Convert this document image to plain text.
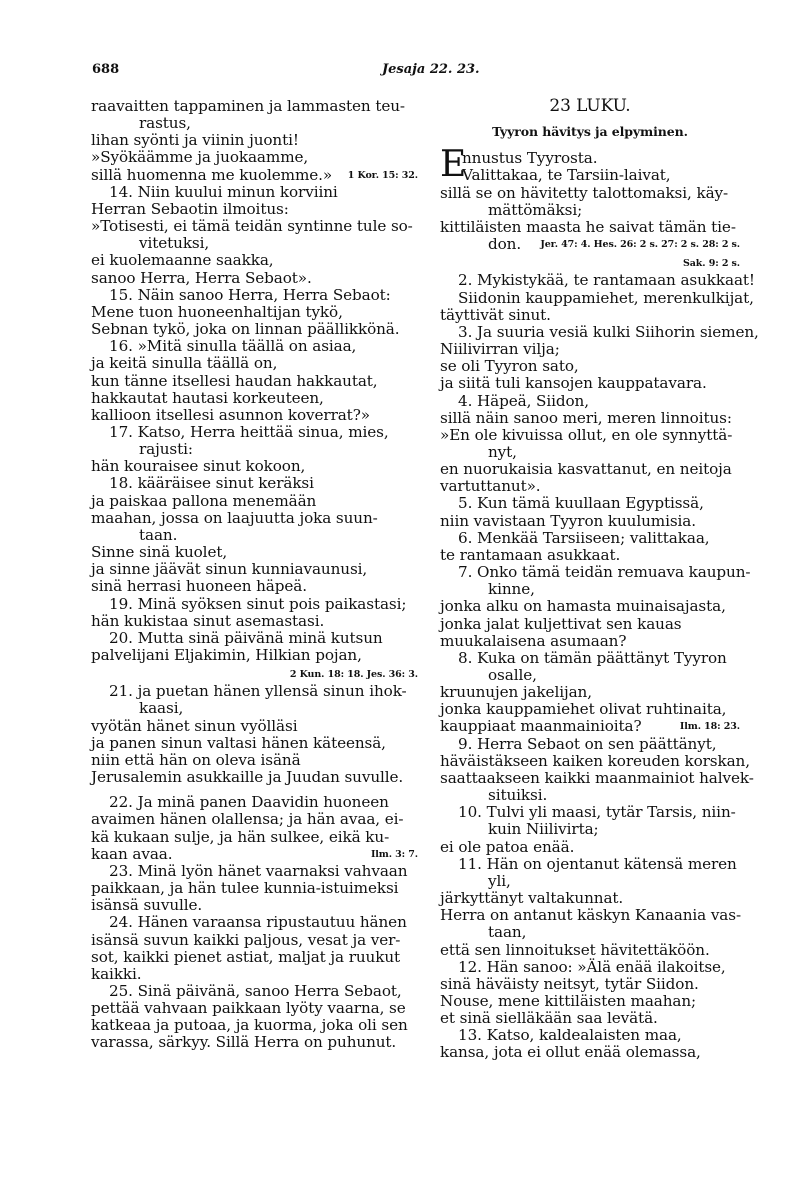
688	Jesaja 22. 23.
raavaitten tappaminen ja lammasten teu-
rastus,
lihan syönti ja viinin juonti!
»Syökäämme ja juokaamme,
sillä huomenna me kuolemme.» 1 Kor. 15: 32.
14. Niin kuului minun korviini
Herran Sebaotin ilmoitus:
»Totisesti, ei tämä teidän syntinne tule so-
vitetuksi,
ei kuolemaanne saakka,
sanoo Herra, Herra Sebaot».
15. Näin sanoo Herra, Herra Sebaot:
Mene tuon huoneenhaltijan tykö,
Sebnan tykö, joka on linnan päällikkönä.
16. »Mitä sinulla täällä on asiaa,
ja keitä sinulla täällä on,
kun tänne itsellesi haudan hakkautat,
hakkautat hautasi korkeuteen,
kallioon itsellesi asunnon koverrat?»
17. Katso, Herra heittää sinua, mies,
rajusti:
hän kouraisee sinut kokoon,
18. kääräisee sinut keräksi
ja paiskaa pallona menemään
maahan, jossa on laajuutta joka suun-
taan.
Sinne sinä kuolet,
ja sinne jäävät sinun kunniavaunusi,
sinä herrasi huoneen häpeä.
19. Minä syöksen sinut pois paikastasi;
hän kukistaa sinut asemastasi.
20. Mutta sinä päivänä minä kutsun
palvelijani Eljakimin, Hilkian pojan,
2 Kun. 18: 18. Jes. 36: 3.
21. ja puetan hänen yllensä sinun ihok-
kaasi,
vyötän hänet sinun vyölläsi
ja panen sinun valtasi hänen käteensä,
niin että hän on oleva isänä
Jerusalemin asukkaille ja Juudan suvulle.
22. Ja minä panen Daavidin huoneen
avaimen hänen olallensa; ja hän avaa, ei-
kä kukaan sulje, ja hän sulkee, eikä ku-
kaan avaa.	Ilm. 3: 7.
23. Minä lyön hänet vaarnaksi vahvaan
paikkaan, ja hän tulee kunnia-istuimeksi
isänsä suvulle.
24. Hänen varaansa ripustautuu hänen
isänsä suvun kaikki paljous, vesat ja ver-
sot, kaikki pienet astiat, maljat ja ruukut
kaikki.
25. Sinä päivänä, sanoo Herra Sebaot,
pettää vahvaan paikkaan lyöty vaarna, se
katkeaa ja putoaa, ja kuorma, joka oli sen
varassa, särkyy. Sillä Herra on puhunut.
23 LUKU.
Tyyron hävitys ja elpyminen.
E
nnustus Tyyrosta.
Valittakaa, te Tarsiin-laivat,
sillä se on hävitetty talottomaksi, käy-
mättömäksi;
kittiläisten maasta he saivat tämän tie-
don. Jer. 47: 4. Hes. 26: 2 s. 27: 2 s. 28: 2 s.
Sak. 9: 2 s.
2. Mykistykää, te rantamaan asukkaat!
Siidonin kauppamiehet, merenkulkijat,
täyttivät sinut.
3. Ja suuria vesiä kulki Siihorin siemen,
Niilivirran vilja;
se oli Tyyron sato,
ja siitä tuli kansojen kauppatavara.
4. Häpeä, Siidon,
sillä näin sanoo meri, meren linnoitus:
»En ole kivuissa ollut, en ole synnyttä-
nyt,
en nuorukaisia kasvattanut, en neitoja
vartuttanut».
5. Kun tämä kuullaan Egyptissä,
niin vavistaan Tyyron kuulumisia.
6. Menkää Tarsiiseen; valittakaa,
te rantamaan asukkaat.
7. Onko tämä teidän remuava kaupun-
kinne,
jonka alku on hamasta muinaisajasta,
jonka jalat kuljettivat sen kauas
muukalaisena asumaan?
8. Kuka on tämän päättänyt Tyyron
osalle,
kruunujen jakelijan,
jonka kauppamiehet olivat ruhtinaita,
kauppiaat maanmainioita?	Ilm. 18: 23.
9. Herra Sebaot on sen päättänyt,
häväistäkseen kaiken koreuden korskan,
saattaakseen kaikki maanmainiot halvek-
situiksi.
10. Tulvi yli maasi, tytär Tarsis, niin-
kuin Niilivirta;
ei ole patoa enää.
11. Hän on ojentanut kätensä meren
yli,
järkyttänyt valtakunnat.
Herra on antanut käskyn Kanaania vas-
taan,
että sen linnoitukset hävitettäköön.
12. Hän sanoo: »Älä enää ilakoitse,
sinä häväisty neitsyt, tytär Siidon.
Nouse, mene kittiläisten maahan;
et sinä sielläkään saa levätä.
13. Katso, kaldealaisten maa,
kansa, jota ei ollut enää olemassa,
